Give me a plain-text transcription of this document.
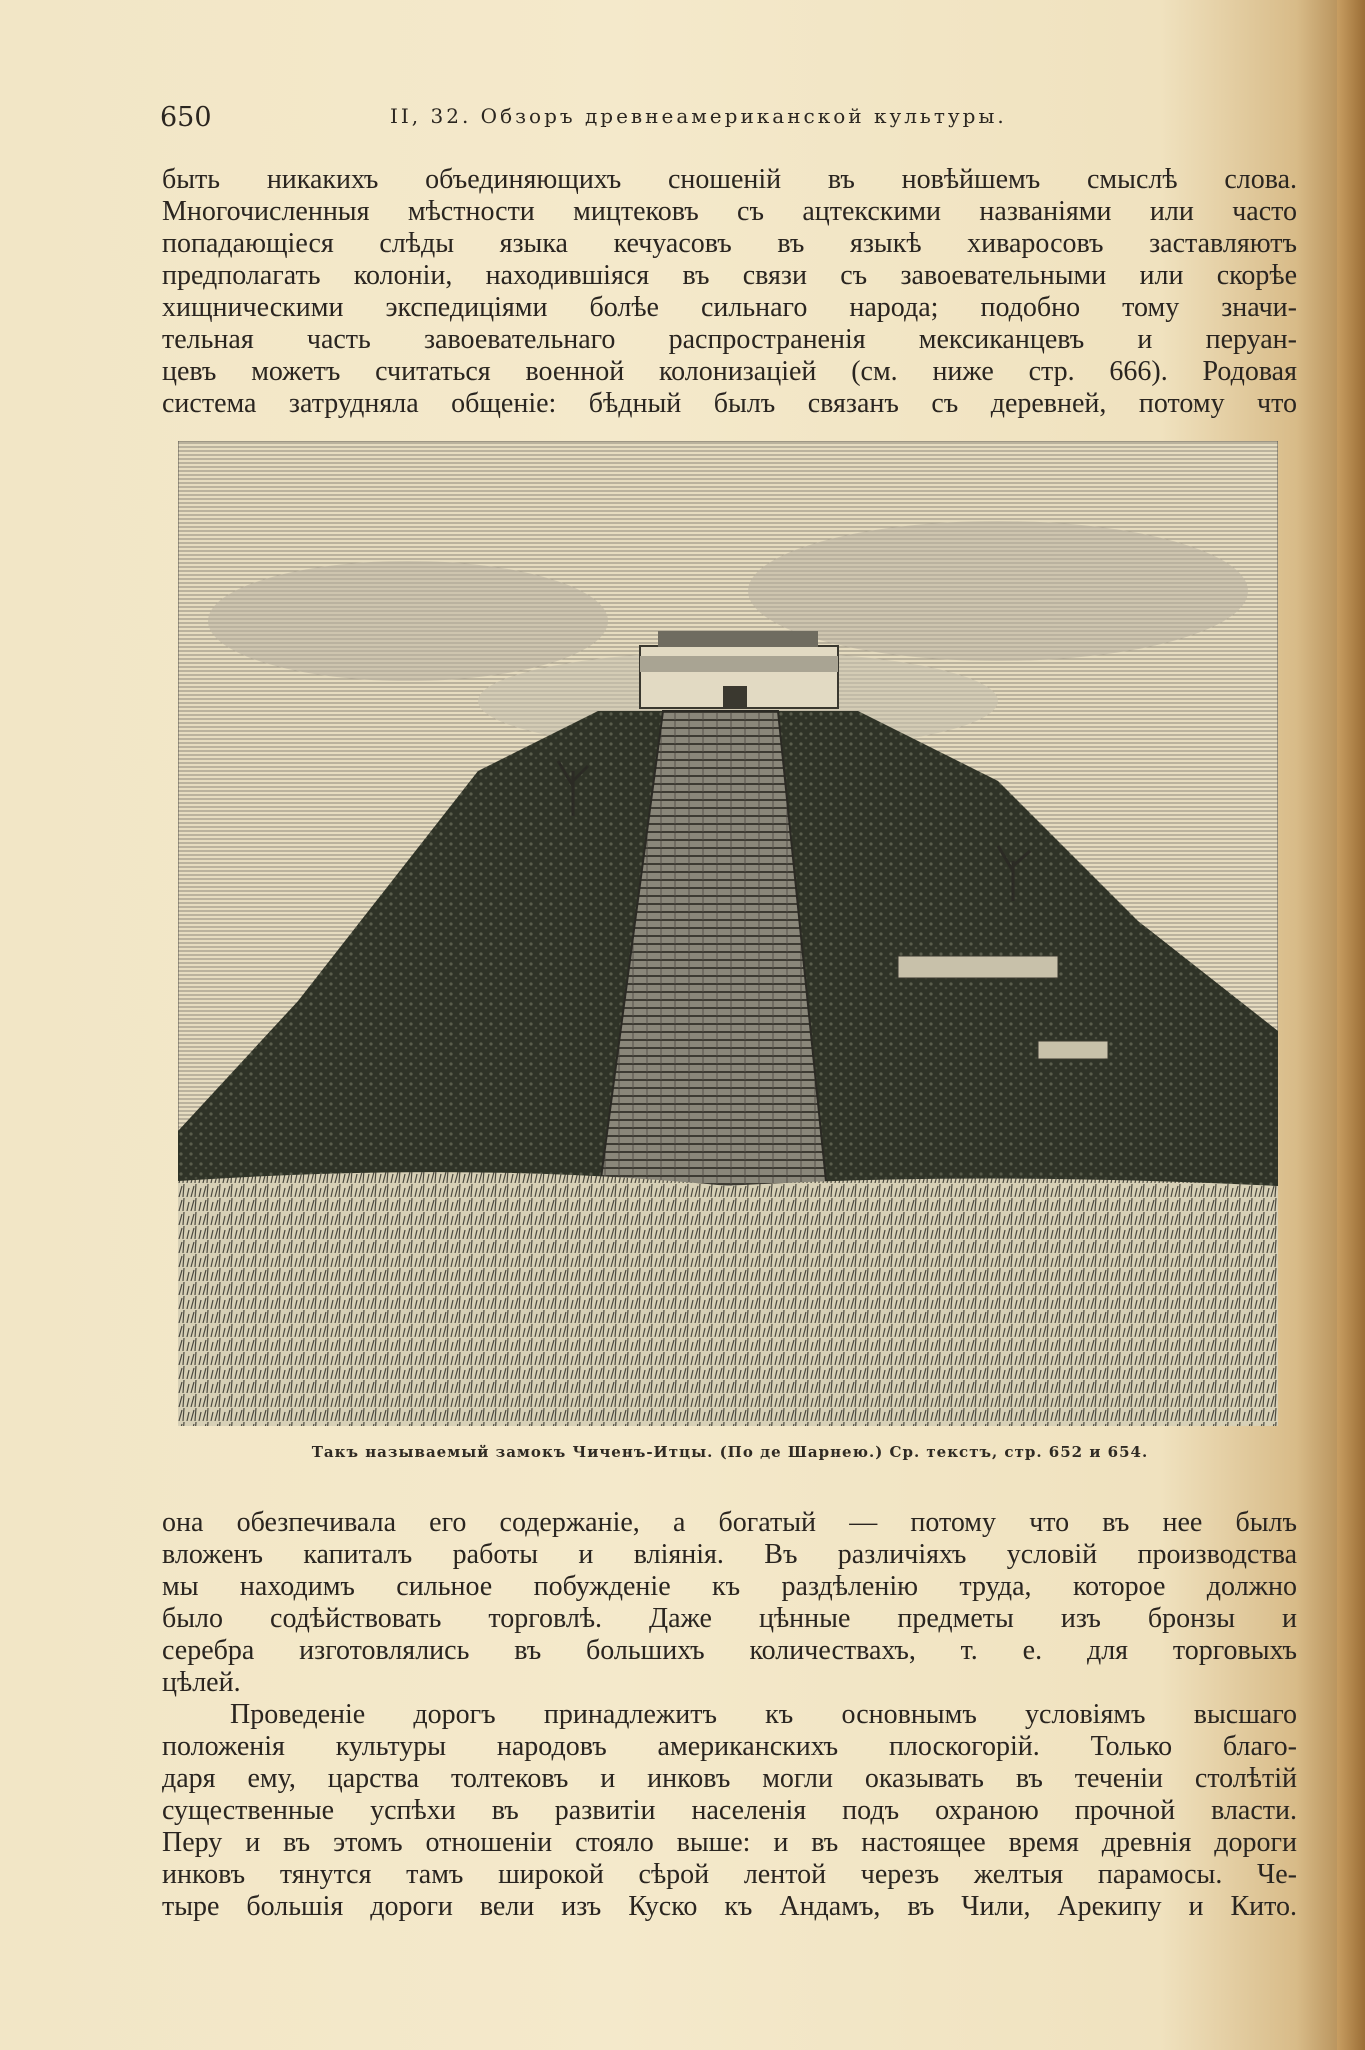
650	II, 32. Обзоръ древнеамериканской культуры.

быть никакихъ объединяющихъ сношеній въ новѣйшемъ смыслѣ слова.
Многочисленныя мѣстности мицтековъ съ ацтекскими названіями или часто
попадающіеся слѣды языка кечуасовъ въ языкѣ хиваросовъ заставляютъ
предполагать колоніи, находившіяся въ связи съ завоевательными или скорѣе
хищническими экспедиціями болѣе сильнаго народа; подобно тому значи-
тельная часть завоевательнаго распространенія мексиканцевъ и перуан-
цевъ можетъ считаться военной колонизаціей (см. ниже стр. 666). Родовая
система затрудняла общеніе: бѣдный былъ связанъ съ деревней, потому что

Такъ называемый замокъ Чиченъ-Итцы. (По де Шарнею.) Ср. текстъ, стр. 652 и 654.

она обезпечивала его содержаніе, а богатый — потому что въ нее былъ
вложенъ капиталъ работы и вліянія. Въ различіяхъ условій производства
мы находимъ сильное побужденіе къ раздѣленію труда, которое должно
было содѣйствовать торговлѣ. Даже цѣнные предметы изъ бронзы и
серебра изготовлялись въ большихъ количествахъ, т. е. для торговыхъ
цѣлей.

Проведеніе дорогъ принадлежитъ къ основнымъ условіямъ высшаго
положенія культуры народовъ американскихъ плоскогорій. Только благо-
даря ему, царства толтековъ и инковъ могли оказывать въ теченіи столѣтій
существенные успѣхи въ развитіи населенія подъ охраною прочной власти.
Перу и въ этомъ отношеніи стояло выше: и въ настоящее время древнія дороги
инковъ тянутся тамъ широкой сѣрой лентой черезъ желтыя парамосы. Че-
тыре большія дороги вели изъ Куско къ Андамъ, въ Чили, Арекипу и Кито.
